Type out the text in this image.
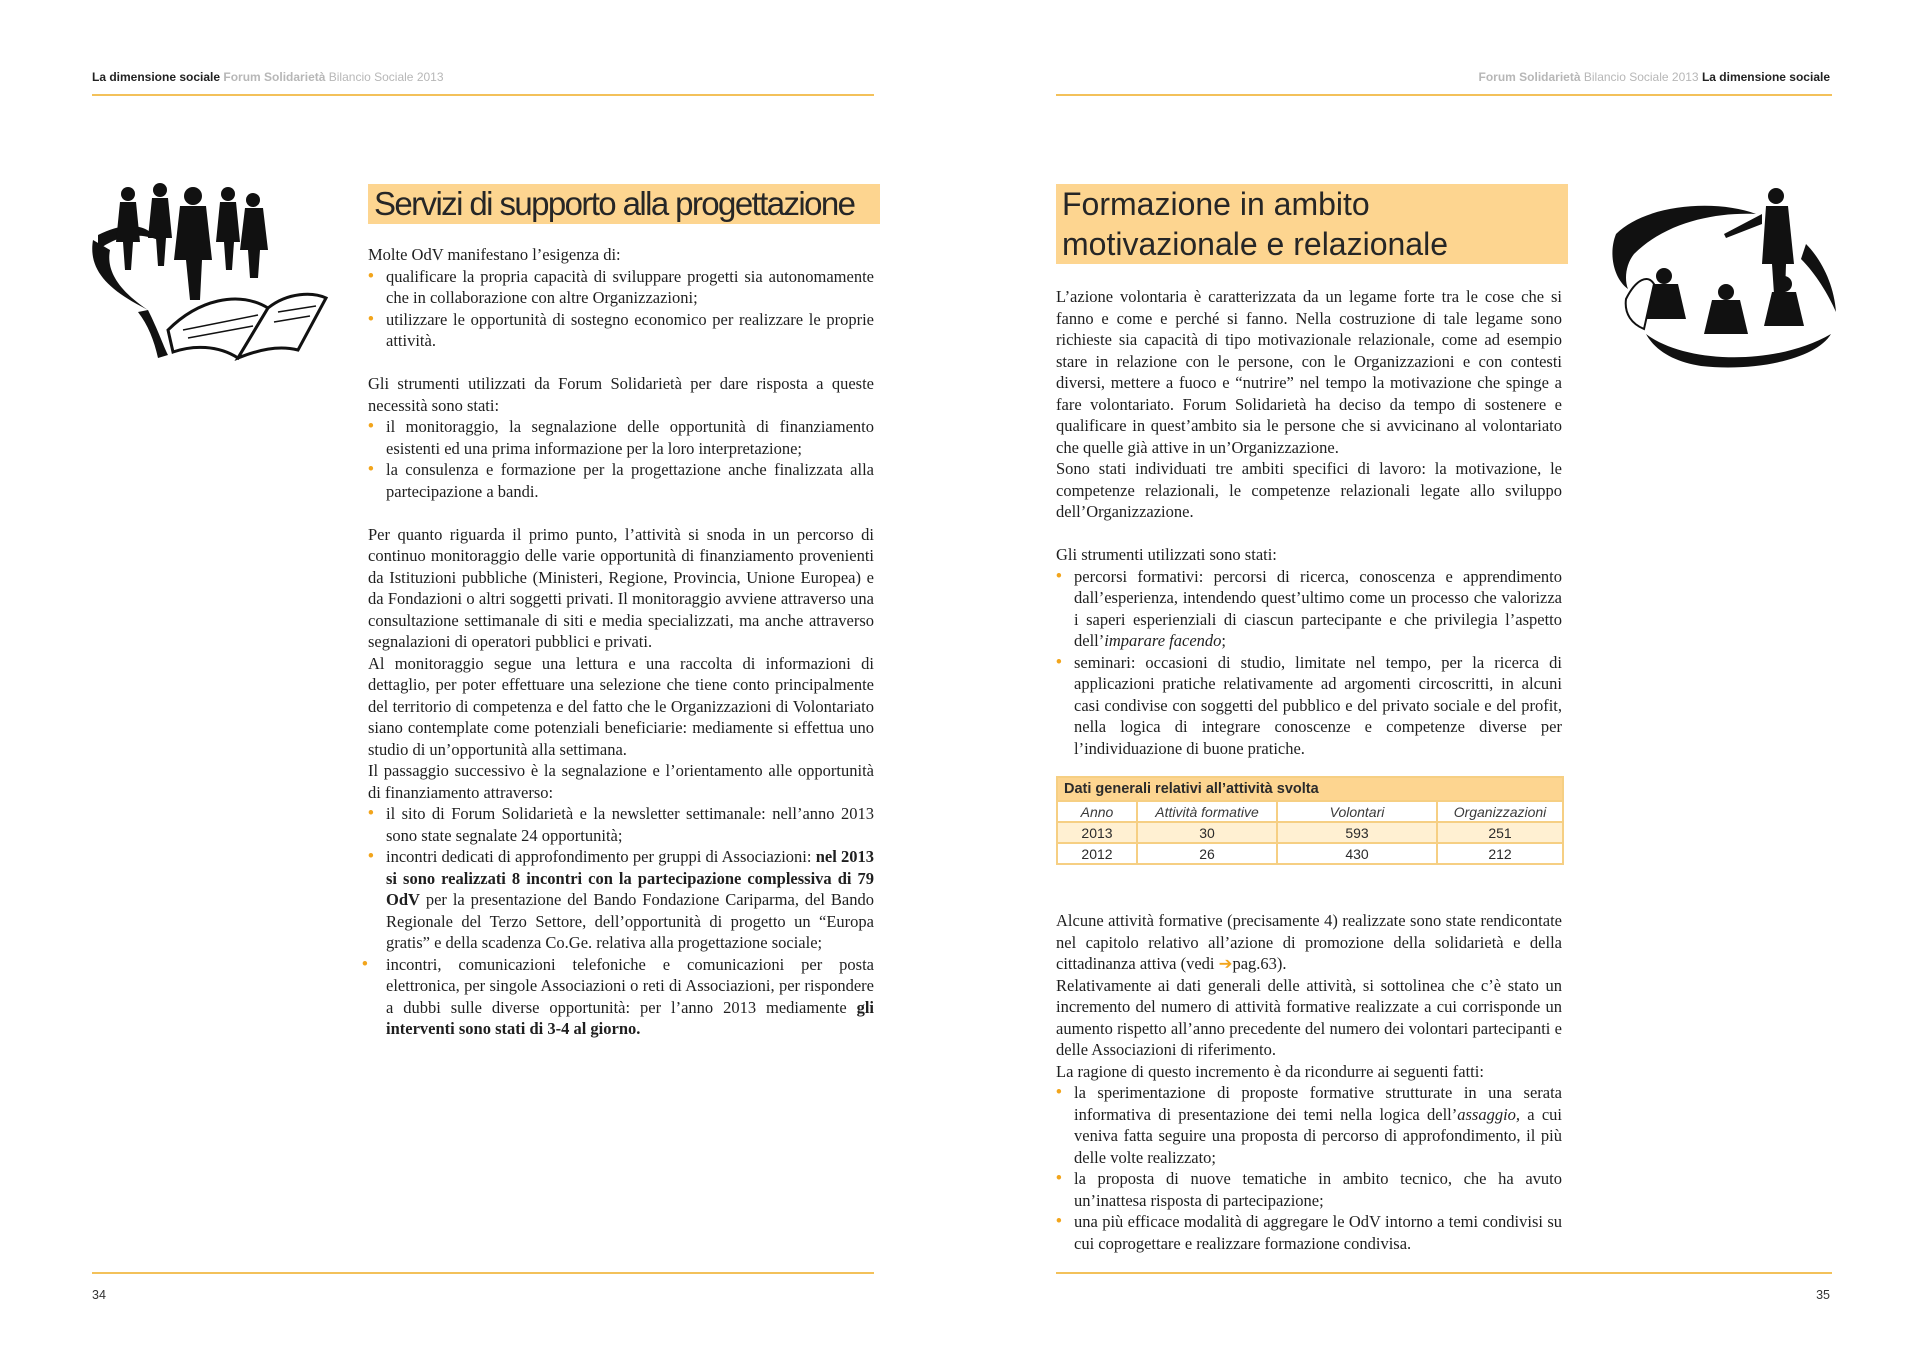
La dimensione sociale Forum Solidarietà Bilancio Sociale 2013
Servizi di supporto alla progettazione

Molte OdV manifestano l’esigenza di:

• qualificare la propria capacità di sviluppare progetti sia autonomamente che in collaborazione con altre Organizzazioni;
• utilizzare le opportunità di sostegno economico per realizzare le proprie attività.

Gli strumenti utilizzati da Forum Solidarietà per dare risposta a queste necessità sono stati:

• il monitoraggio, la segnalazione delle opportunità di finanziamento esistenti ed una prima informazione per la loro interpretazione;
• la consulenza e formazione per la progettazione anche finalizzata alla partecipazione a bandi.

Per quanto riguarda il primo punto, l’attività si snoda in un percorso di continuo monitoraggio delle varie opportunità di finanziamento provenienti da Istituzioni pubbliche (Ministeri, Regione, Provincia, Unione Europea) e da Fondazioni o altri soggetti privati. Il monitoraggio avviene attraverso una consultazione settimanale di siti e media specializzati, ma anche attraverso segnalazioni di operatori pubblici e privati.

Al monitoraggio segue una lettura e una raccolta di informazioni di dettaglio, per poter effettuare una selezione che tiene conto principalmente del territorio di competenza e del fatto che le Organizzazioni di Volontariato siano contemplate come potenziali beneficiarie: mediamente si effettua uno studio di un’opportunità alla settimana.

Il passaggio successivo è la segnalazione e l’orientamento alle opportunità di finanziamento attraverso:

• il sito di Forum Solidarietà e la newsletter settimanale: nell’anno 2013 sono state segnalate 24 opportunità;
• incontri dedicati di approfondimento per gruppi di Associazioni: nel 2013 si sono realizzati 8 incontri con la partecipazione complessiva di 79 OdV per la presentazione del Bando Fondazione Cariparma, del Bando Regionale del Terzo Settore, dell’opportunità di progetto un “Europa gratis” e della scadenza Co.Ge. relativa alla progettazione sociale;
• incontri, comunicazioni telefoniche e comunicazioni per posta elettronica, per singole Associazioni o reti di Associazioni, per rispondere a dubbi sulle diverse opportunità: per l’anno 2013 mediamente gli interventi sono stati di 3-4 al giorno.
34
Forum Solidarietà Bilancio Sociale 2013 La dimensione sociale
Formazione in ambito
motivazionale e relazionale

L’azione volontaria è caratterizzata da un legame forte tra le cose che si fanno e come e perché si fanno. Nella costruzione di tale legame sono richieste sia capacità di tipo motivazionale relazionale, come ad esempio stare in relazione con le persone, con le Organizzazioni e con contesti diversi, mettere a fuoco e “nutrire” nel tempo la motivazione che spinge a fare volontariato. Forum Solidarietà ha deciso da tempo di sostenere e qualificare in quest’ambito sia le persone che si avvicinano al volontariato che quelle già attive in un’Organizzazione.

Sono stati individuati tre ambiti specifici di lavoro: la motivazione, le competenze relazionali, le competenze relazionali legate allo sviluppo dell’Organizzazione.

Gli strumenti utilizzati sono stati:

• percorsi formativi: percorsi di ricerca, conoscenza e apprendimento dall’esperienza, intendendo quest’ultimo come un processo che valorizza i saperi esperienziali di ciascun partecipante e che privilegia l’aspetto dell’imparare facendo;
• seminari: occasioni di studio, limitate nel tempo, per la ricerca di applicazioni pratiche relativamente ad argomenti circoscritti, in alcuni casi condivise con soggetti del pubblico e del privato sociale e del profit, nella logica di integrare conoscenze e competenze diverse per l’individuazione di buone pratiche.
Dati generali relativi all’attività svolta
Anno	Attività formative	Volontari	Organizzazioni
2013	30	593	251
2012	26	430	212

Alcune attività formative (precisamente 4) realizzate sono state rendicontate nel capitolo relativo all’azione di promozione della solidarietà e della cittadinanza attiva (vedi ➔pag.63).

Relativamente ai dati generali delle attività, si sottolinea che c’è stato un incremento del numero di attività formative realizzate a cui corrisponde un aumento rispetto all’anno precedente del numero dei volontari partecipanti e delle Associazioni di riferimento.

La ragione di questo incremento è da ricondurre ai seguenti fatti:

• la sperimentazione di proposte formative strutturate in una serata informativa di presentazione dei temi nella logica dell’assaggio, a cui veniva fatta seguire una proposta di percorso di approfondimento, il più delle volte realizzato;
• la proposta di nuove tematiche in ambito tecnico, che ha avuto un’inattesa risposta di partecipazione;
• una più efficace modalità di aggregare le OdV intorno a temi condivisi su cui coprogettare e realizzare formazione condivisa.
35
